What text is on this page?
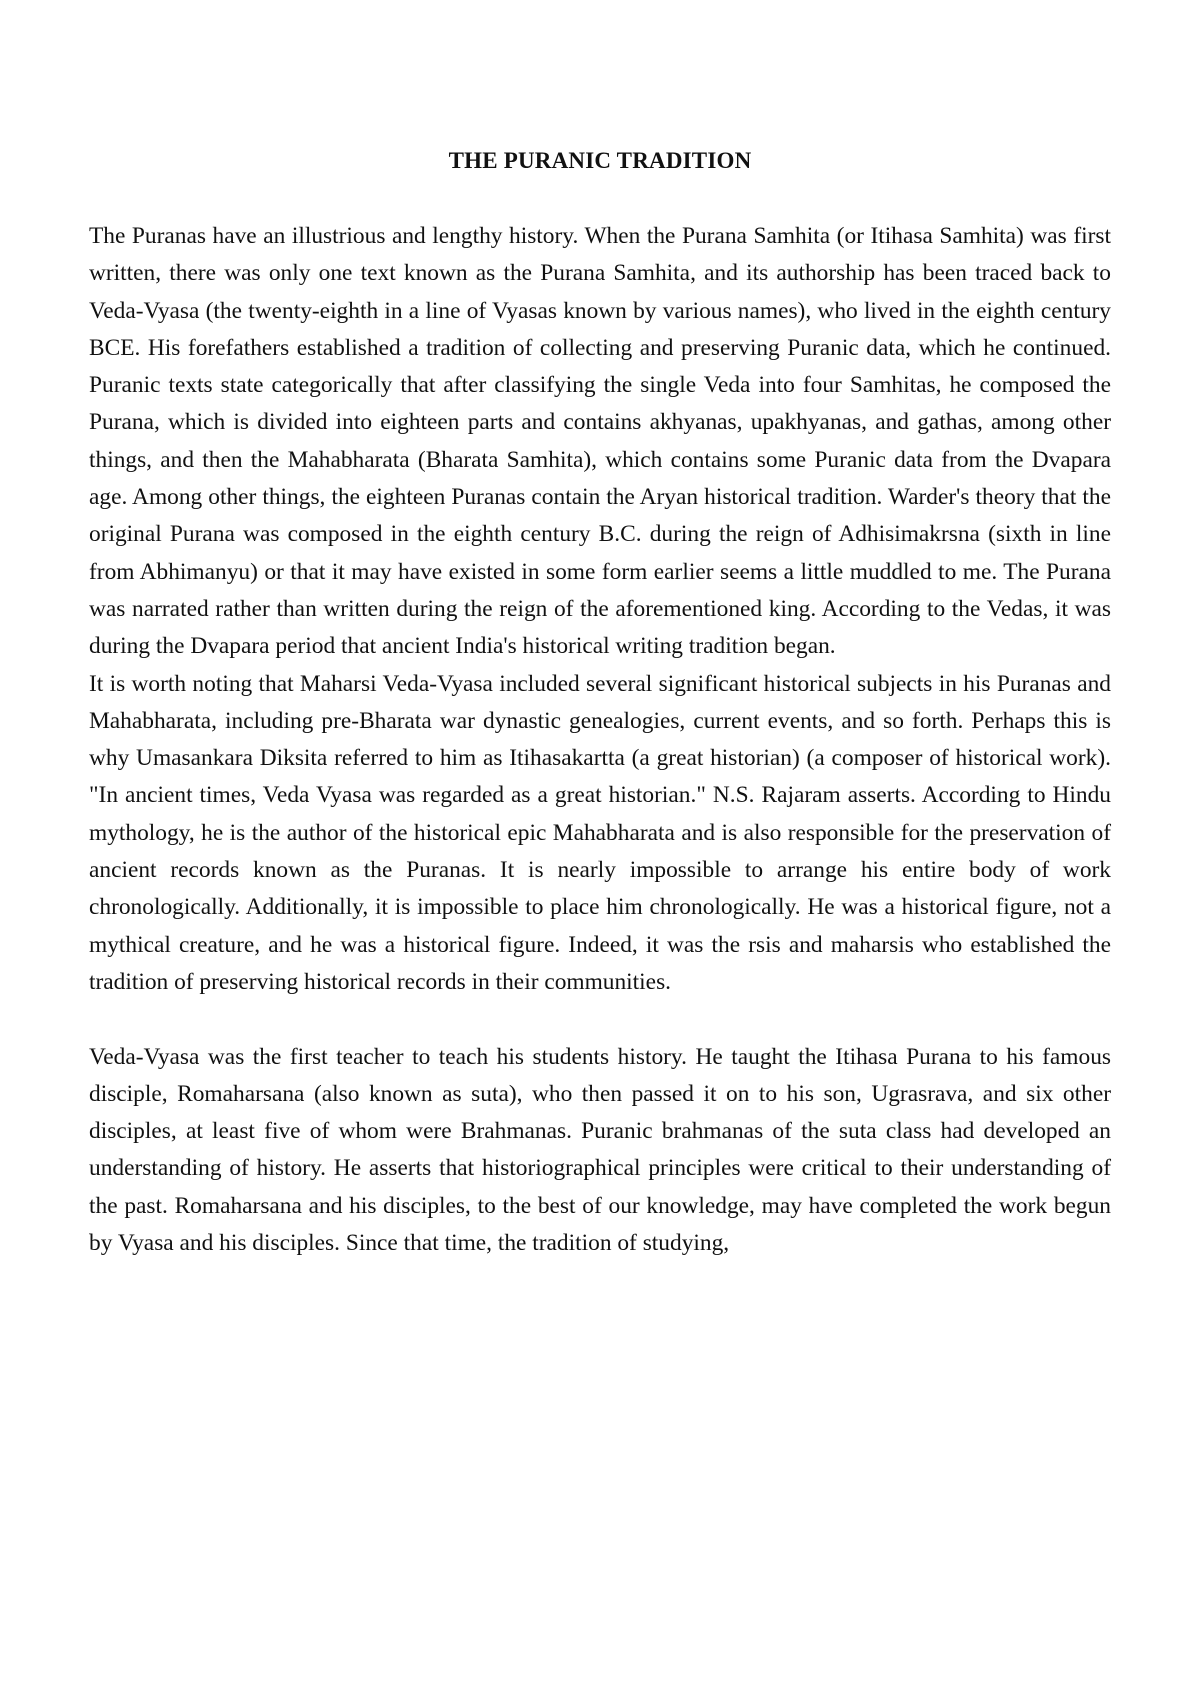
THE PURANIC TRADITION

The Puranas have an illustrious and lengthy history. When the Purana Samhita (or Itihasa Samhita) was first written, there was only one text known as the Purana Samhita, and its authorship has been traced back to Veda-Vyasa (the twenty-eighth in a line of Vyasas known by various names), who lived in the eighth century BCE. His forefathers established a tradition of collecting and preserving Puranic data, which he continued. Puranic texts state categorically that after classifying the single Veda into four Samhitas, he composed the Purana, which is divided into eighteen parts and contains akhyanas, upakhyanas, and gathas, among other things, and then the Mahabharata (Bharata Samhita), which contains some Puranic data from the Dvapara age. Among other things, the eighteen Puranas contain the Aryan historical tradition. Warder's theory that the original Purana was composed in the eighth century B.C. during the reign of Adhisimakrsna (sixth in line from Abhimanyu) or that it may have existed in some form earlier seems a little muddled to me. The Purana was narrated rather than written during the reign of the aforementioned king. According to the Vedas, it was during the Dvapara period that ancient India's historical writing tradition began.

It is worth noting that Maharsi Veda-Vyasa included several significant historical subjects in his Puranas and Mahabharata, including pre-Bharata war dynastic genealogies, current events, and so forth. Perhaps this is why Umasankara Diksita referred to him as Itihasakartta (a great historian) (a composer of historical work). "In ancient times, Veda Vyasa was regarded as a great historian." N.S. Rajaram asserts. According to Hindu mythology, he is the author of the historical epic Mahabharata and is also responsible for the preservation of ancient records known as the Puranas. It is nearly impossible to arrange his entire body of work chronologically. Additionally, it is impossible to place him chronologically. He was a historical figure, not a mythical creature, and he was a historical figure. Indeed, it was the rsis and maharsis who established the tradition of preserving historical records in their communities.

Veda-Vyasa was the first teacher to teach his students history. He taught the Itihasa Purana to his famous disciple, Romaharsana (also known as suta), who then passed it on to his son, Ugrasrava, and six other disciples, at least five of whom were Brahmanas. Puranic brahmanas of the suta class had developed an understanding of history. He asserts that historiographical principles were critical to their understanding of the past. Romaharsana and his disciples, to the best of our knowledge, may have completed the work begun by Vyasa and his disciples. Since that time, the tradition of studying,
